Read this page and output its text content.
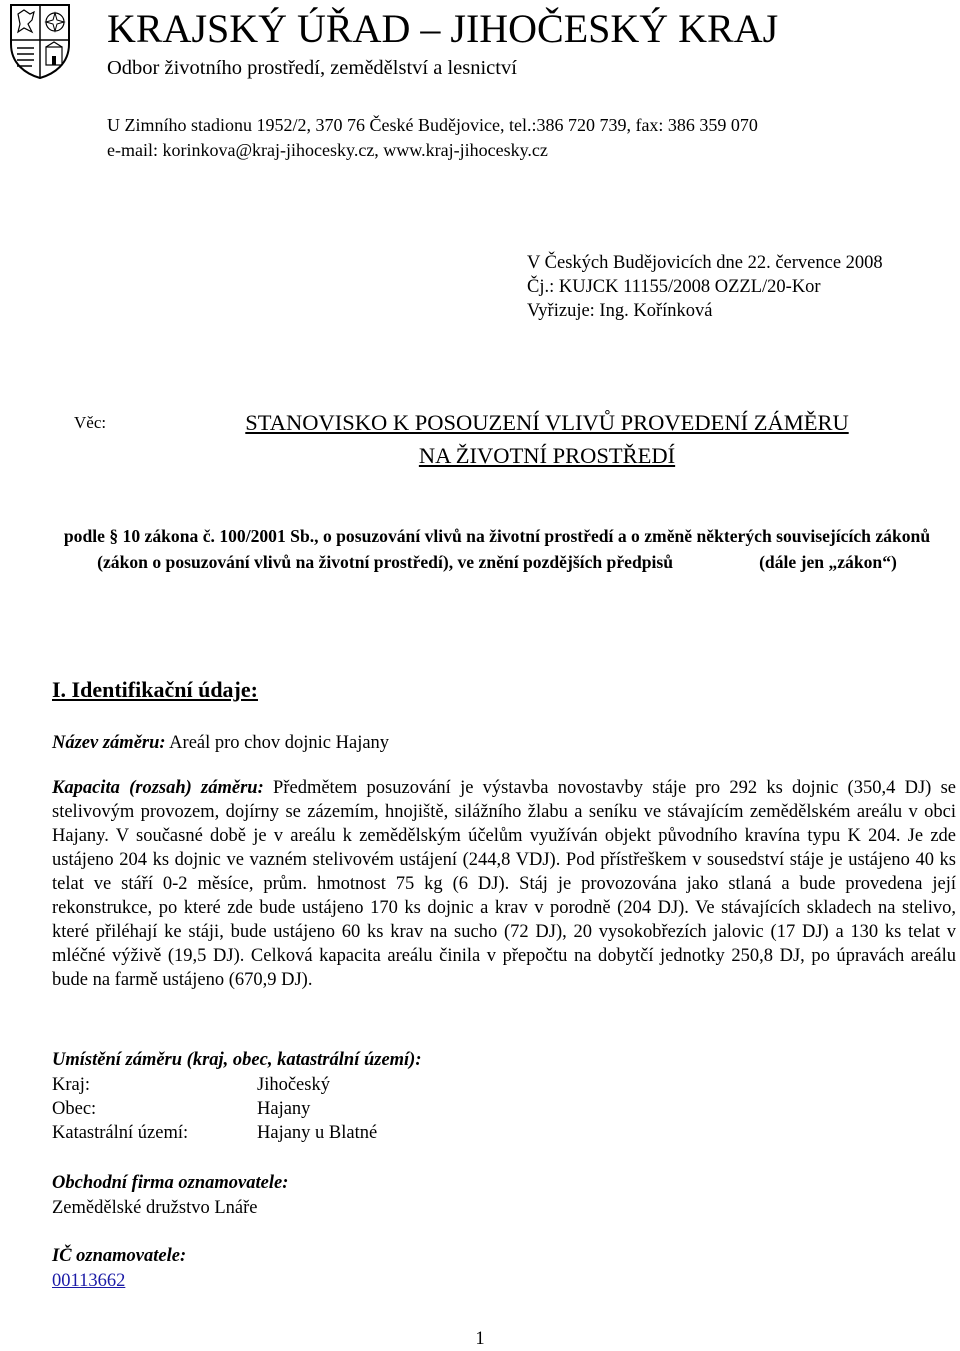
KRAJSKÝ ÚŘAD – JIHOČESKÝ KRAJ
Odbor životního prostředí, zemědělství a lesnictví
U Zimního stadionu 1952/2, 370 76 České Budějovice, tel.:386 720 739, fax: 386 359 070
e-mail: korinkova@kraj-jihocesky.cz, www.kraj-jihocesky.cz
V Českých Budějovicích dne 22. července 2008
Čj.: KUJCK 11155/2008 OZZL/20-Kor
Vyřizuje: Ing. Kořínková
Věc:	STANOVISKO K POSOUZENÍ VLIVŮ PROVEDENÍ ZÁMĚRU
NA ŽIVOTNÍ PROSTŘEDÍ
podle § 10 zákona č. 100/2001 Sb., o posuzování vlivů na životní prostředí a o změně některých souvisejících zákonů (zákon o posuzování vlivů na životní prostředí), ve znění pozdějších předpisů	(dále jen „zákon“)
I. Identifikační údaje:
Název záměru: Areál pro chov dojnic Hajany
Kapacita (rozsah) záměru: Předmětem posuzování je výstavba novostavby stáje pro 292 ks dojnic (350,4 DJ) se stelivovým provozem, dojírny se zázemím, hnojiště, silážního žlabu a seníku ve stávajícím zemědělském areálu v obci Hajany. V současné době je v areálu k zemědělským účelům využíván objekt původního kravína typu K 204. Je zde ustájeno 204 ks dojnic ve vazném stelivovém ustájení (244,8 VDJ). Pod přístřeškem v sousedství stáje je ustájeno 40 ks telat ve stáří 0-2 měsíce, prům. hmotnost 75 kg (6 DJ). Stáj je provozována jako stlaná a bude provedena její rekonstrukce, po které zde bude ustájeno 170 ks dojnic a krav v porodně (204 DJ). Ve stávajících skladech na stelivo, které přiléhají ke stáji, bude ustájeno 60 ks krav na sucho (72 DJ), 20 vysokobřezích jalovic (17 DJ) a 130 ks telat v mléčné výživě (19,5 DJ). Celková kapacita areálu činila v přepočtu na dobytčí jednotky 250,8 DJ, po úpravách areálu bude na farmě ustájeno (670,9 DJ).
Umístění záměru (kraj, obec, katastrální území):
Kraj:	Jihočeský
Obec:	Hajany
Katastrální území:	Hajany u Blatné
Obchodní firma oznamovatele:
Zemědělské družstvo Lnáře
IČ oznamovatele:
00113662
1
